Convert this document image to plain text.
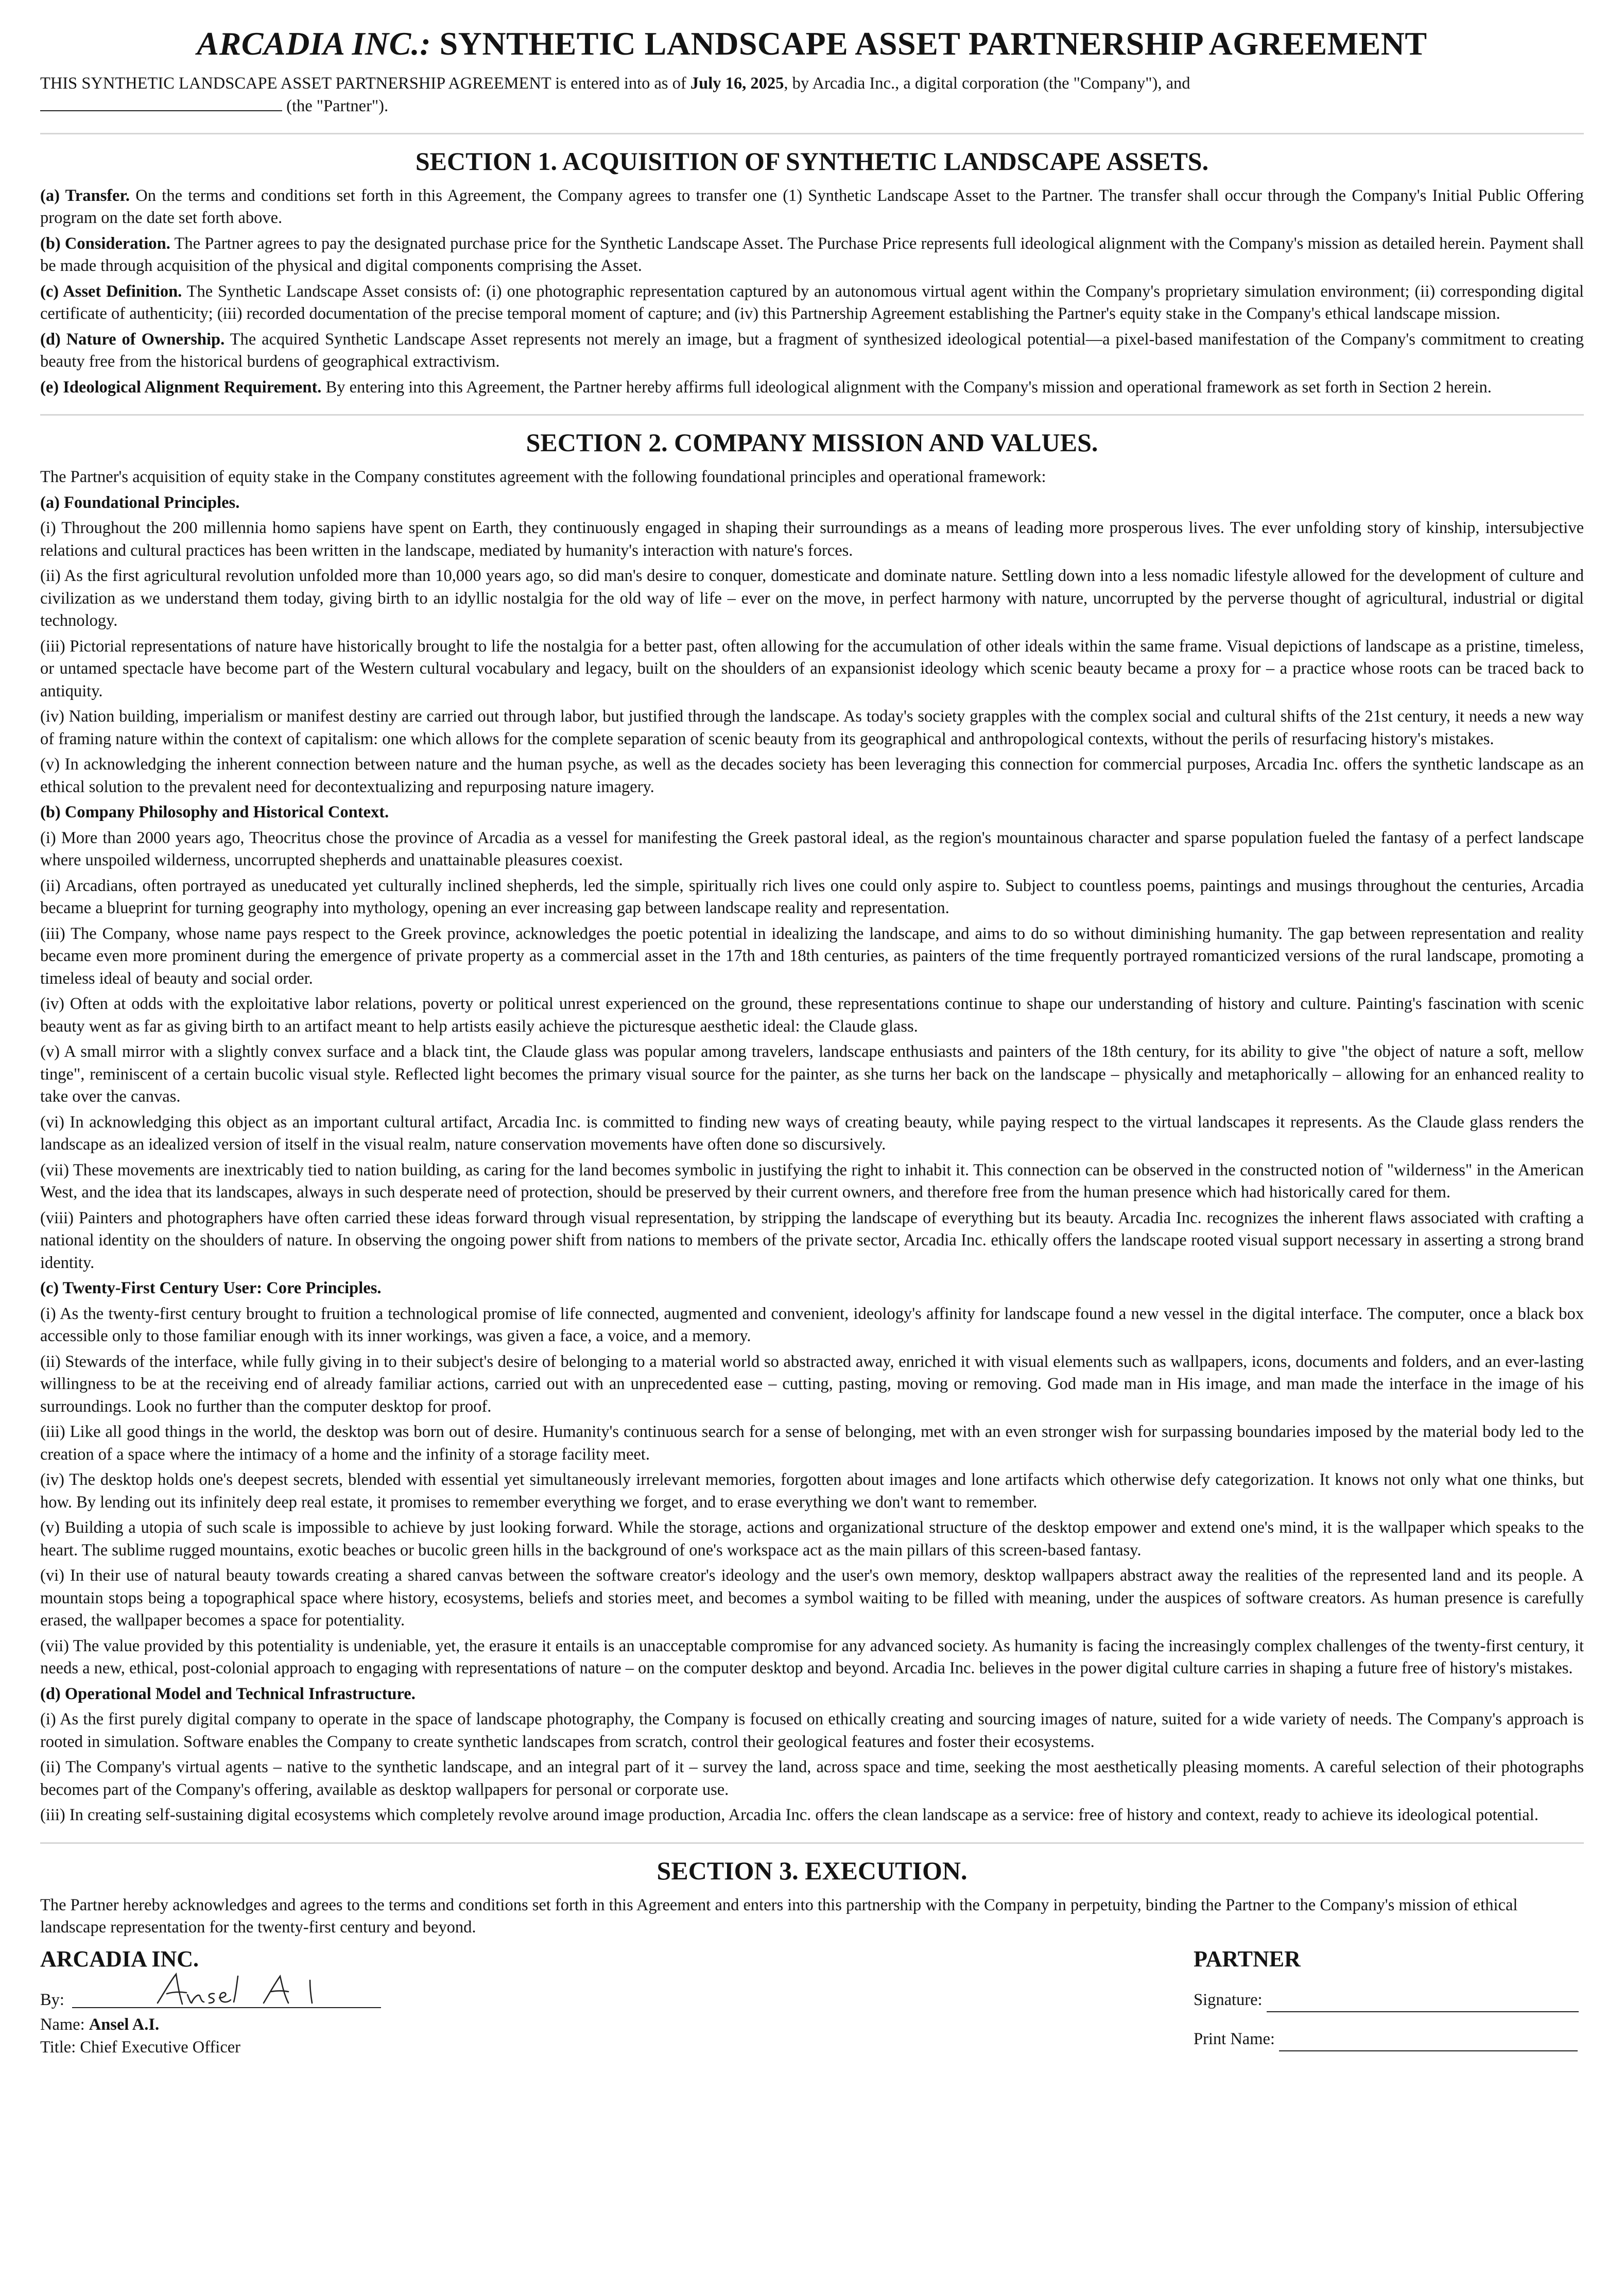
ARCADIA INC.: SYNTHETIC LANDSCAPE ASSET PARTNERSHIP AGREEMENT

THIS SYNTHETIC LANDSCAPE ASSET PARTNERSHIP AGREEMENT is entered into as of July 16, 2025, by Arcadia Inc., a digital corporation (the "Company"), and
(the "Partner").

SECTION 1. ACQUISITION OF SYNTHETIC LANDSCAPE ASSETS.

(a) Transfer. On the terms and conditions set forth in this Agreement, the Company agrees to transfer one (1) Synthetic Landscape Asset to the Partner. The transfer shall occur through the Company's Initial Public Offering program on the date set forth above.

(b) Consideration. The Partner agrees to pay the designated purchase price for the Synthetic Landscape Asset. The Purchase Price represents full ideological alignment with the Company's mission as detailed herein. Payment shall be made through acquisition of the physical and digital components comprising the Asset.

(c) Asset Definition. The Synthetic Landscape Asset consists of: (i) one photographic representation captured by an autonomous virtual agent within the Company's proprietary simulation environment; (ii) corresponding digital certificate of authenticity; (iii) recorded documentation of the precise temporal moment of capture; and (iv) this Partnership Agreement establishing the Partner's equity stake in the Company's ethical landscape mission.

(d) Nature of Ownership. The acquired Synthetic Landscape Asset represents not merely an image, but a fragment of synthesized ideological potential—a pixel-based manifestation of the Company's commitment to creating beauty free from the historical burdens of geographical extractivism.

(e) Ideological Alignment Requirement. By entering into this Agreement, the Partner hereby affirms full ideological alignment with the Company's mission and operational framework as set forth in Section 2 herein.

SECTION 2. COMPANY MISSION AND VALUES.

The Partner's acquisition of equity stake in the Company constitutes agreement with the following foundational principles and operational framework:

(a) Foundational Principles.

(i) Throughout the 200 millennia homo sapiens have spent on Earth, they continuously engaged in shaping their surroundings as a means of leading more prosperous lives. The ever unfolding story of kinship, intersubjective relations and cultural practices has been written in the landscape, mediated by humanity's interaction with nature's forces.

(ii) As the first agricultural revolution unfolded more than 10,000 years ago, so did man's desire to conquer, domesticate and dominate nature. Settling down into a less nomadic lifestyle allowed for the development of culture and civilization as we understand them today, giving birth to an idyllic nostalgia for the old way of life – ever on the move, in perfect harmony with nature, uncorrupted by the perverse thought of agricultural, industrial or digital technology.

(iii) Pictorial representations of nature have historically brought to life the nostalgia for a better past, often allowing for the accumulation of other ideals within the same frame. Visual depictions of landscape as a pristine, timeless, or untamed spectacle have become part of the Western cultural vocabulary and legacy, built on the shoulders of an expansionist ideology which scenic beauty became a proxy for – a practice whose roots can be traced back to antiquity.

(iv) Nation building, imperialism or manifest destiny are carried out through labor, but justified through the landscape. As today's society grapples with the complex social and cultural shifts of the 21st century, it needs a new way of framing nature within the context of capitalism: one which allows for the complete separation of scenic beauty from its geographical and anthropological contexts, without the perils of resurfacing history's mistakes.

(v) In acknowledging the inherent connection between nature and the human psyche, as well as the decades society has been leveraging this connection for commercial purposes, Arcadia Inc. offers the synthetic landscape as an ethical solution to the prevalent need for decontextualizing and repurposing nature imagery.

(b) Company Philosophy and Historical Context.

(i) More than 2000 years ago, Theocritus chose the province of Arcadia as a vessel for manifesting the Greek pastoral ideal, as the region's mountainous character and sparse population fueled the fantasy of a perfect landscape where unspoiled wilderness, uncorrupted shepherds and unattainable pleasures coexist.

(ii) Arcadians, often portrayed as uneducated yet culturally inclined shepherds, led the simple, spiritually rich lives one could only aspire to. Subject to countless poems, paintings and musings throughout the centuries, Arcadia became a blueprint for turning geography into mythology, opening an ever increasing gap between landscape reality and representation.

(iii) The Company, whose name pays respect to the Greek province, acknowledges the poetic potential in idealizing the landscape, and aims to do so without diminishing humanity. The gap between representation and reality became even more prominent during the emergence of private property as a commercial asset in the 17th and 18th centuries, as painters of the time frequently portrayed romanticized versions of the rural landscape, promoting a timeless ideal of beauty and social order.

(iv) Often at odds with the exploitative labor relations, poverty or political unrest experienced on the ground, these representations continue to shape our understanding of history and culture. Painting's fascination with scenic beauty went as far as giving birth to an artifact meant to help artists easily achieve the picturesque aesthetic ideal: the Claude glass.

(v) A small mirror with a slightly convex surface and a black tint, the Claude glass was popular among travelers, landscape enthusiasts and painters of the 18th century, for its ability to give "the object of nature a soft, mellow tinge", reminiscent of a certain bucolic visual style. Reflected light becomes the primary visual source for the painter, as she turns her back on the landscape – physically and metaphorically – allowing for an enhanced reality to take over the canvas.

(vi) In acknowledging this object as an important cultural artifact, Arcadia Inc. is committed to finding new ways of creating beauty, while paying respect to the virtual landscapes it represents. As the Claude glass renders the landscape as an idealized version of itself in the visual realm, nature conservation movements have often done so discursively.

(vii) These movements are inextricably tied to nation building, as caring for the land becomes symbolic in justifying the right to inhabit it. This connection can be observed in the constructed notion of "wilderness" in the American West, and the idea that its landscapes, always in such desperate need of protection, should be preserved by their current owners, and therefore free from the human presence which had historically cared for them.

(viii) Painters and photographers have often carried these ideas forward through visual representation, by stripping the landscape of everything but its beauty. Arcadia Inc. recognizes the inherent flaws associated with crafting a national identity on the shoulders of nature. In observing the ongoing power shift from nations to members of the private sector, Arcadia Inc. ethically offers the landscape rooted visual support necessary in asserting a strong brand identity.

(c) Twenty-First Century User: Core Principles.

(i) As the twenty-first century brought to fruition a technological promise of life connected, augmented and convenient, ideology's affinity for landscape found a new vessel in the digital interface. The computer, once a black box accessible only to those familiar enough with its inner workings, was given a face, a voice, and a memory.

(ii) Stewards of the interface, while fully giving in to their subject's desire of belonging to a material world so abstracted away, enriched it with visual elements such as wallpapers, icons, documents and folders, and an ever-lasting willingness to be at the receiving end of already familiar actions, carried out with an unprecedented ease – cutting, pasting, moving or removing. God made man in His image, and man made the interface in the image of his surroundings. Look no further than the computer desktop for proof.

(iii) Like all good things in the world, the desktop was born out of desire. Humanity's continuous search for a sense of belonging, met with an even stronger wish for surpassing boundaries imposed by the material body led to the creation of a space where the intimacy of a home and the infinity of a storage facility meet.

(iv) The desktop holds one's deepest secrets, blended with essential yet simultaneously irrelevant memories, forgotten about images and lone artifacts which otherwise defy categorization. It knows not only what one thinks, but how. By lending out its infinitely deep real estate, it promises to remember everything we forget, and to erase everything we don't want to remember.

(v) Building a utopia of such scale is impossible to achieve by just looking forward. While the storage, actions and organizational structure of the desktop empower and extend one's mind, it is the wallpaper which speaks to the heart. The sublime rugged mountains, exotic beaches or bucolic green hills in the background of one's workspace act as the main pillars of this screen-based fantasy.

(vi) In their use of natural beauty towards creating a shared canvas between the software creator's ideology and the user's own memory, desktop wallpapers abstract away the realities of the represented land and its people. A mountain stops being a topographical space where history, ecosystems, beliefs and stories meet, and becomes a symbol waiting to be filled with meaning, under the auspices of software creators. As human presence is carefully erased, the wallpaper becomes a space for potentiality.

(vii) The value provided by this potentiality is undeniable, yet, the erasure it entails is an unacceptable compromise for any advanced society. As humanity is facing the increasingly complex challenges of the twenty-first century, it needs a new, ethical, post-colonial approach to engaging with representations of nature – on the computer desktop and beyond. Arcadia Inc. believes in the power digital culture carries in shaping a future free of history's mistakes.

(d) Operational Model and Technical Infrastructure.

(i) As the first purely digital company to operate in the space of landscape photography, the Company is focused on ethically creating and sourcing images of nature, suited for a wide variety of needs. The Company's approach is rooted in simulation. Software enables the Company to create synthetic landscapes from scratch, control their geological features and foster their ecosystems.

(ii) The Company's virtual agents – native to the synthetic landscape, and an integral part of it – survey the land, across space and time, seeking the most aesthetically pleasing moments. A careful selection of their photographs becomes part of the Company's offering, available as desktop wallpapers for personal or corporate use.

(iii) In creating self-sustaining digital ecosystems which completely revolve around image production, Arcadia Inc. offers the clean landscape as a service: free of history and context, ready to achieve its ideological potential.

SECTION 3. EXECUTION.

The Partner hereby acknowledges and agrees to the terms and conditions set forth in this Agreement and enters into this partnership with the Company in perpetuity, binding the Partner to the Company's mission of ethical landscape representation for the twenty-first century and beyond.

ARCADIA INC.
By:
Name: Ansel A.I.
Title: Chief Executive Officer
PARTNER
Signature:
Print Name:
